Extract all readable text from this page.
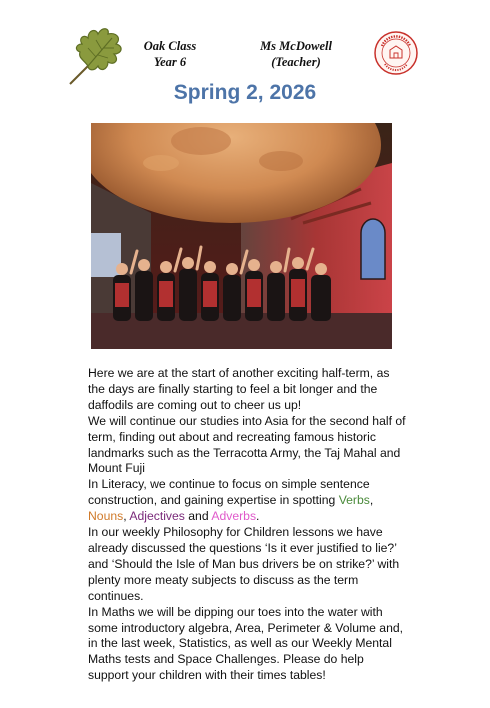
Oak Class
Year 6
Ms McDowell
(Teacher)
Spring 2, 2026

Here we are at the start of another exciting half-term, as the days are finally starting to feel a bit longer and the daffodils are coming out to cheer us up!

We will continue our studies into Asia for the second half of term, finding out about and recreating famous historic landmarks such as the Terracotta Army, the Taj Mahal and Mount Fuji

In Literacy, we continue to focus on simple sentence construction, and gaining expertise in spotting Verbs, Nouns, Adjectives and Adverbs.

In our weekly Philosophy for Children lessons we have already discussed the questions ‘Is it ever justified to lie?’ and ‘Should the Isle of Man bus drivers be on strike?’ with plenty more meaty subjects to discuss as the term continues.

In Maths we will be dipping our toes into the water with some introductory algebra, Area, Perimeter & Volume and, in the last week, Statistics, as well as our Weekly Mental Maths tests and Space Challenges. Please do help support your children with their times tables!
